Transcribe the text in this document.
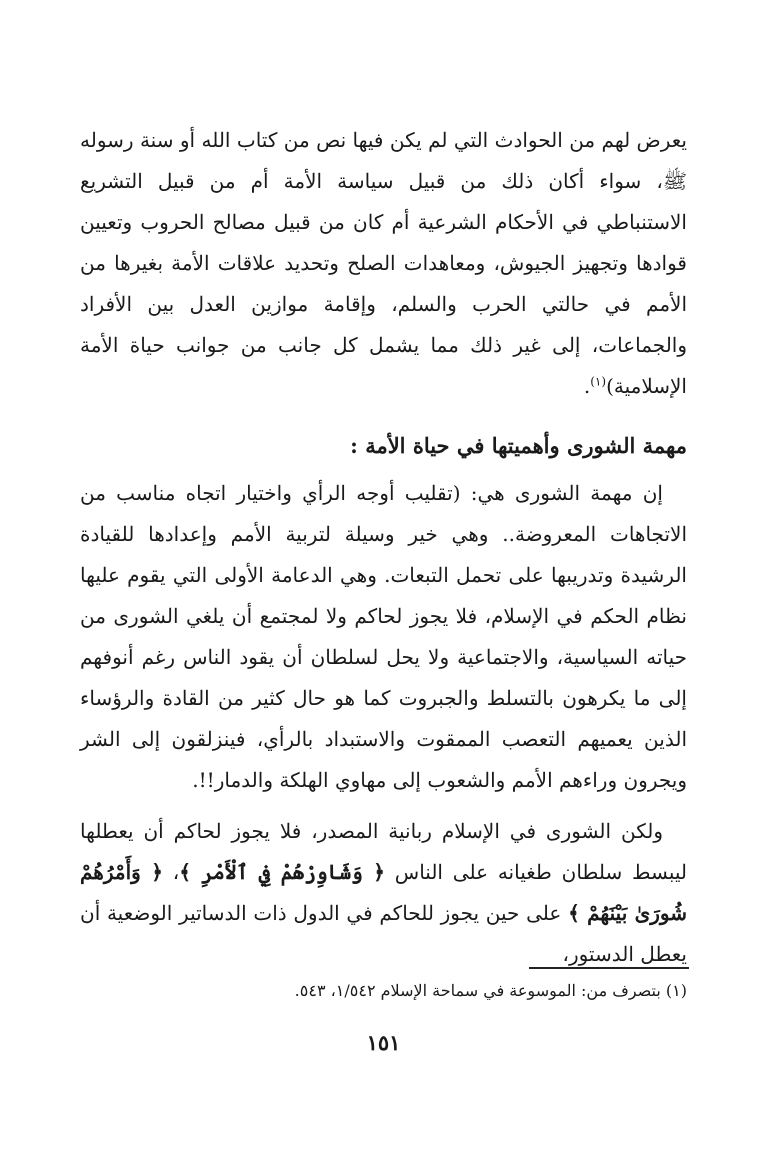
يعرض لهم من الحوادث التي لم يكن فيها نص من كتاب الله أو سنة رسوله ﷺ، سواء أكان ذلك من قبيل سياسة الأمة أم من قبيل التشريع الاستنباطي في الأحكام الشرعية أم كان من قبيل مصالح الحروب وتعيين قوادها وتجهيز الجيوش، ومعاهدات الصلح وتحديد علاقات الأمة بغيرها من الأمم في حالتي الحرب والسلم، وإقامة موازين العدل بين الأفراد والجماعات، إلى غير ذلك مما يشمل كل جانب من جوانب حياة الأمة الإسلامية)$^{(١)}$.

مهمة الشورى وأهميتها في حياة الأمة :

إن مهمة الشورى هي: (تقليب أوجه الرأي واختيار اتجاه مناسب من الاتجاهات المعروضة.. وهي خير وسيلة لتربية الأمم وإعدادها للقيادة الرشيدة وتدريبها على تحمل التبعات. وهي الدعامة الأولى التي يقوم عليها نظام الحكم في الإسلام، فلا يجوز لحاكم ولا لمجتمع أن يلغي الشورى من حياته السياسية، والاجتماعية ولا يحل لسلطان أن يقود الناس رغم أنوفهم إلى ما يكرهون بالتسلط والجبروت كما هو حال كثير من القادة والرؤساء الذين يعميهم التعصب الممقوت والاستبداد بالرأي، فينزلقون إلى الشر ويجرون وراءهم الأمم والشعوب إلى مهاوي الهلكة والدمار!!.

ولكن الشورى في الإسلام ربانية المصدر، فلا يجوز لحاكم أن يعطلها ليبسط سلطان طغيانه على الناس ﴿ وَشَاوِرْهُمْ فِي ٱلْأَمْرِ ﴾، ﴿ وَأَمْرُهُمْ شُورَىٰ بَيْنَهُمْ ﴾ على حين يجوز للحاكم في الدول ذات الدساتير الوضعية أن يعطل الدستور،

(١) بتصرف من: الموسوعة في سماحة الإسلام ١/٥٤٢، ٥٤٣.
١٥١
